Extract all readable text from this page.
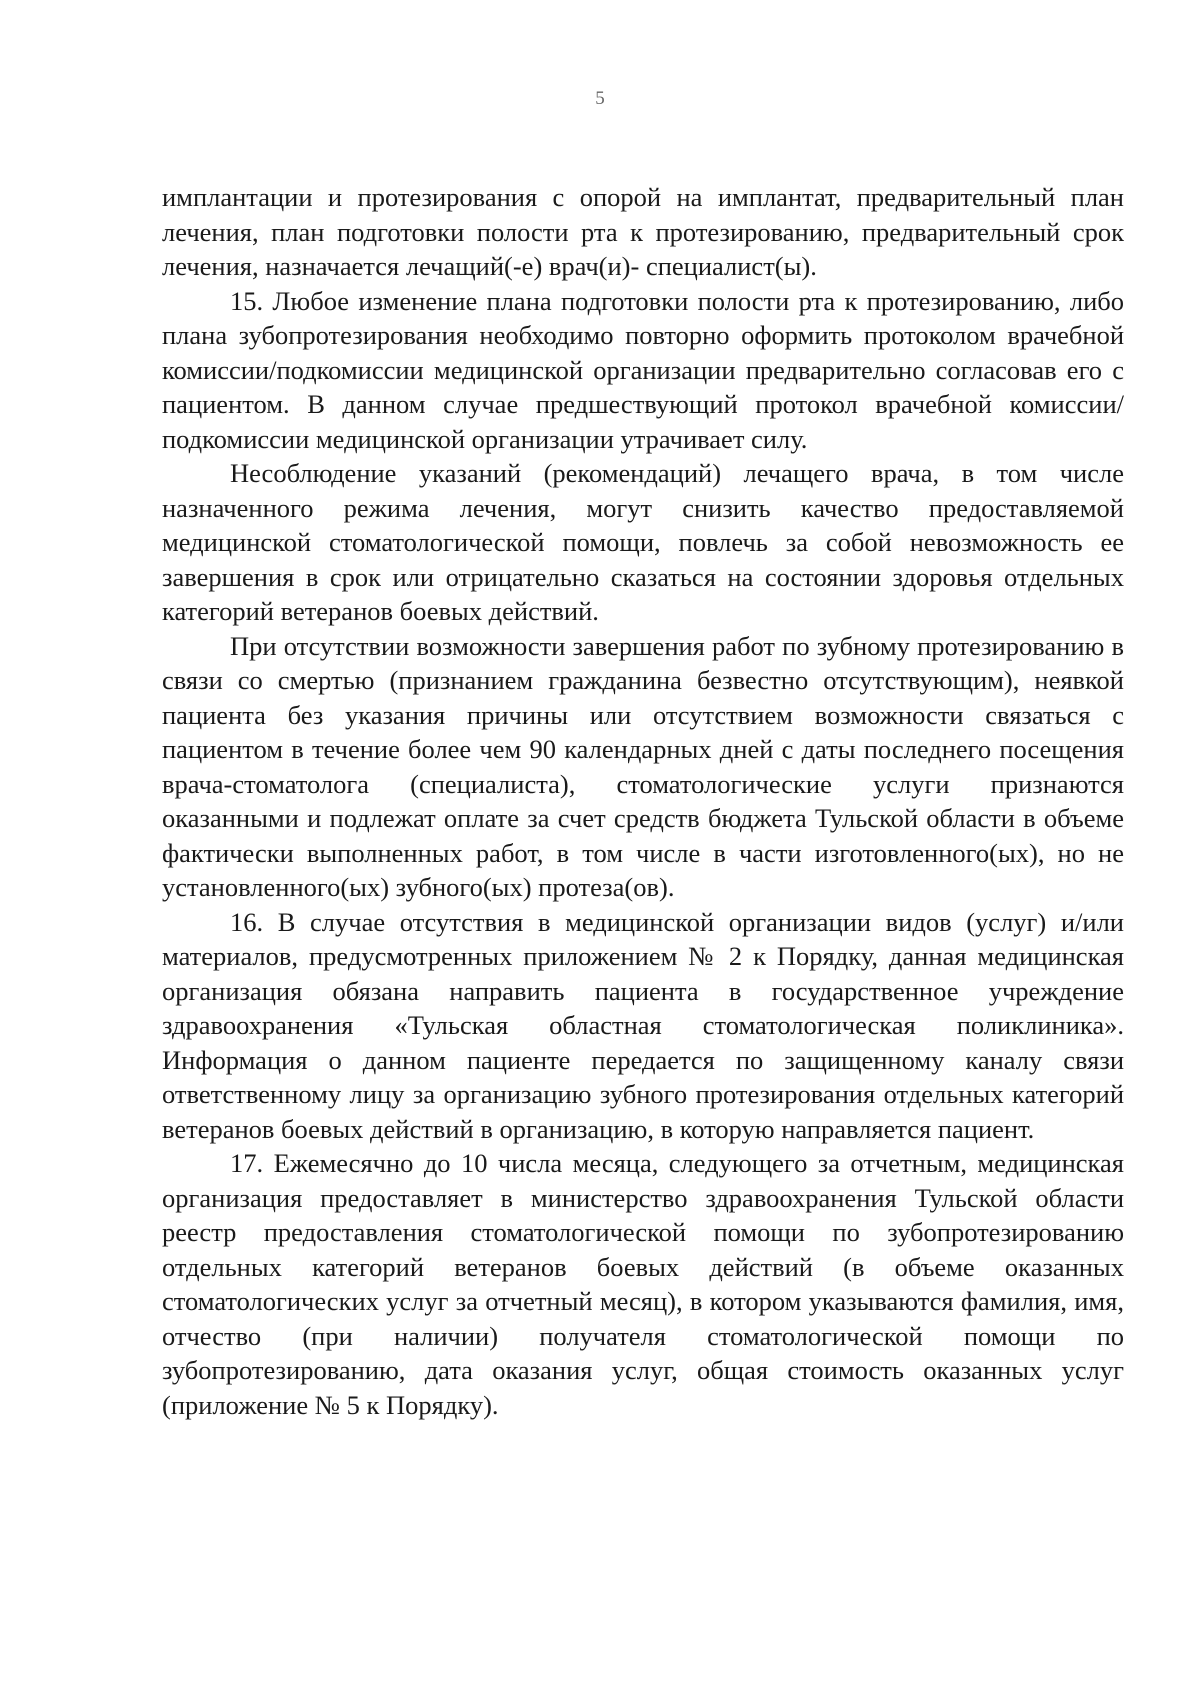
5

имплантации и протезирования с опорой на имплантат, предварительный план лечения, план подготовки полости рта к протезированию, предварительный срок лечения, назначается лечащий(-е) врач(и)- специалист(ы).

15. Любое изменение плана подготовки полости рта к протезированию, либо плана зубопротезирования необходимо повторно оформить протоколом врачебной комиссии/подкомиссии медицинской организации предварительно согласовав его с пациентом. В данном случае предшествующий протокол врачебной комиссии/подкомиссии медицинской организации утрачивает силу.

Несоблюдение указаний (рекомендаций) лечащего врача, в том числе назначенного режима лечения, могут снизить качество предоставляемой медицинской стоматологической помощи, повлечь за собой невозможность ее завершения в срок или отрицательно сказаться на состоянии здоровья отдельных категорий ветеранов боевых действий.

При отсутствии возможности завершения работ по зубному протезированию в связи со смертью (признанием гражданина безвестно отсутствующим), неявкой пациента без указания причины или отсутствием возможности связаться с пациентом в течение более чем 90 календарных дней с даты последнего посещения врача-стоматолога (специалиста), стоматологические услуги признаются оказанными и подлежат оплате за счет средств бюджета Тульской области в объеме фактически выполненных работ, в том числе в части изготовленного(ых), но не установленного(ых) зубного(ых) протеза(ов).

16. В случае отсутствия в медицинской организации видов (услуг) и/или материалов, предусмотренных приложением № 2 к Порядку, данная медицинская организация обязана направить пациента в государственное учреждение здравоохранения «Тульская областная стоматологическая поликлиника». Информация о данном пациенте передается по защищенному каналу связи ответственному лицу за организацию зубного протезирования отдельных категорий ветеранов боевых действий в организацию, в которую направляется пациент.

17. Ежемесячно до 10 числа месяца, следующего за отчетным, медицинская организация предоставляет в министерство здравоохранения Тульской области реестр предоставления стоматологической помощи по зубопротезированию отдельных категорий ветеранов боевых действий (в объеме оказанных стоматологических услуг за отчетный месяц), в котором указываются фамилия, имя, отчество (при наличии) получателя стоматологической помощи по зубопротезированию, дата оказания услуг, общая стоимость оказанных услуг (приложение № 5 к Порядку).
